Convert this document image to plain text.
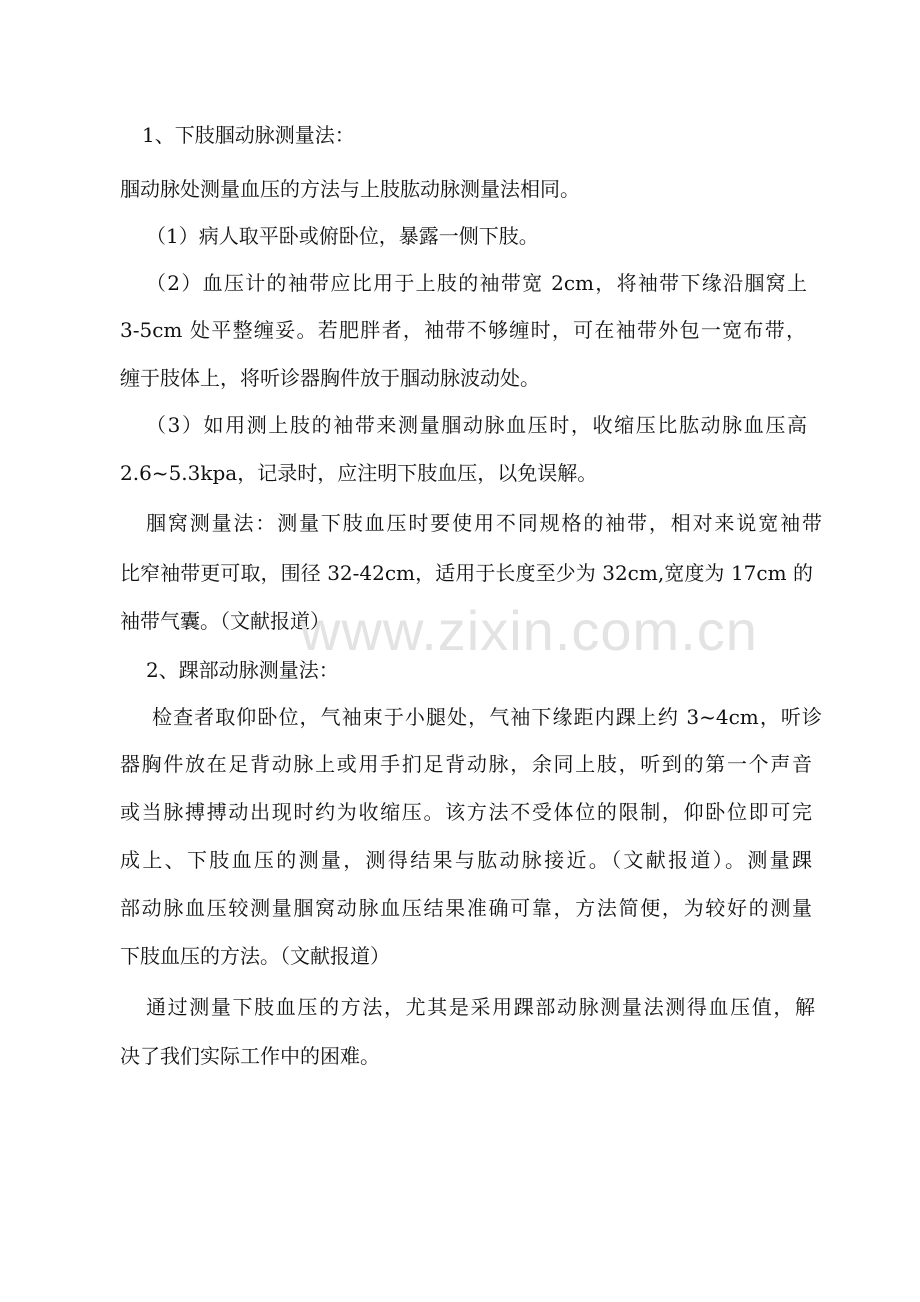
1、下肢腘动脉测量法：
腘动脉处测量血压的方法与上肢肱动脉测量法相同。
（1）病人取平卧或俯卧位，暴露一侧下肢。
（2）血压计的袖带应比用于上肢的袖带宽 2cm，将袖带下缘沿腘窝上
3-5cm 处平整缠妥。若肥胖者，袖带不够缠时，可在袖带外包一宽布带，
缠于肢体上，将听诊器胸件放于腘动脉波动处。
（3）如用测上肢的袖带来测量腘动脉血压时，收缩压比肱动脉血压高
2.6~5.3kpa，记录时，应注明下肢血压，以免误解。
腘窝测量法：测量下肢血压时要使用不同规格的袖带，相对来说宽袖带
比窄袖带更可取，围径 32-42cm，适用于长度至少为 32cm,宽度为 17cm 的
袖带气囊。（文献报道）
2、踝部动脉测量法：
检查者取仰卧位，气袖束于小腿处，气袖下缘距内踝上约 3~4cm，听诊
器胸件放在足背动脉上或用手扪足背动脉，余同上肢，听到的第一个声音
或当脉搏搏动出现时约为收缩压。该方法不受体位的限制，仰卧位即可完
成上、下肢血压的测量，测得结果与肱动脉接近。（文献报道）。测量踝
部动脉血压较测量腘窝动脉血压结果准确可靠，方法简便，为较好的测量
下肢血压的方法。（文献报道）
通过测量下肢血压的方法，尤其是采用踝部动脉测量法测得血压值，解
决了我们实际工作中的困难。
www.zixin.com.cn
